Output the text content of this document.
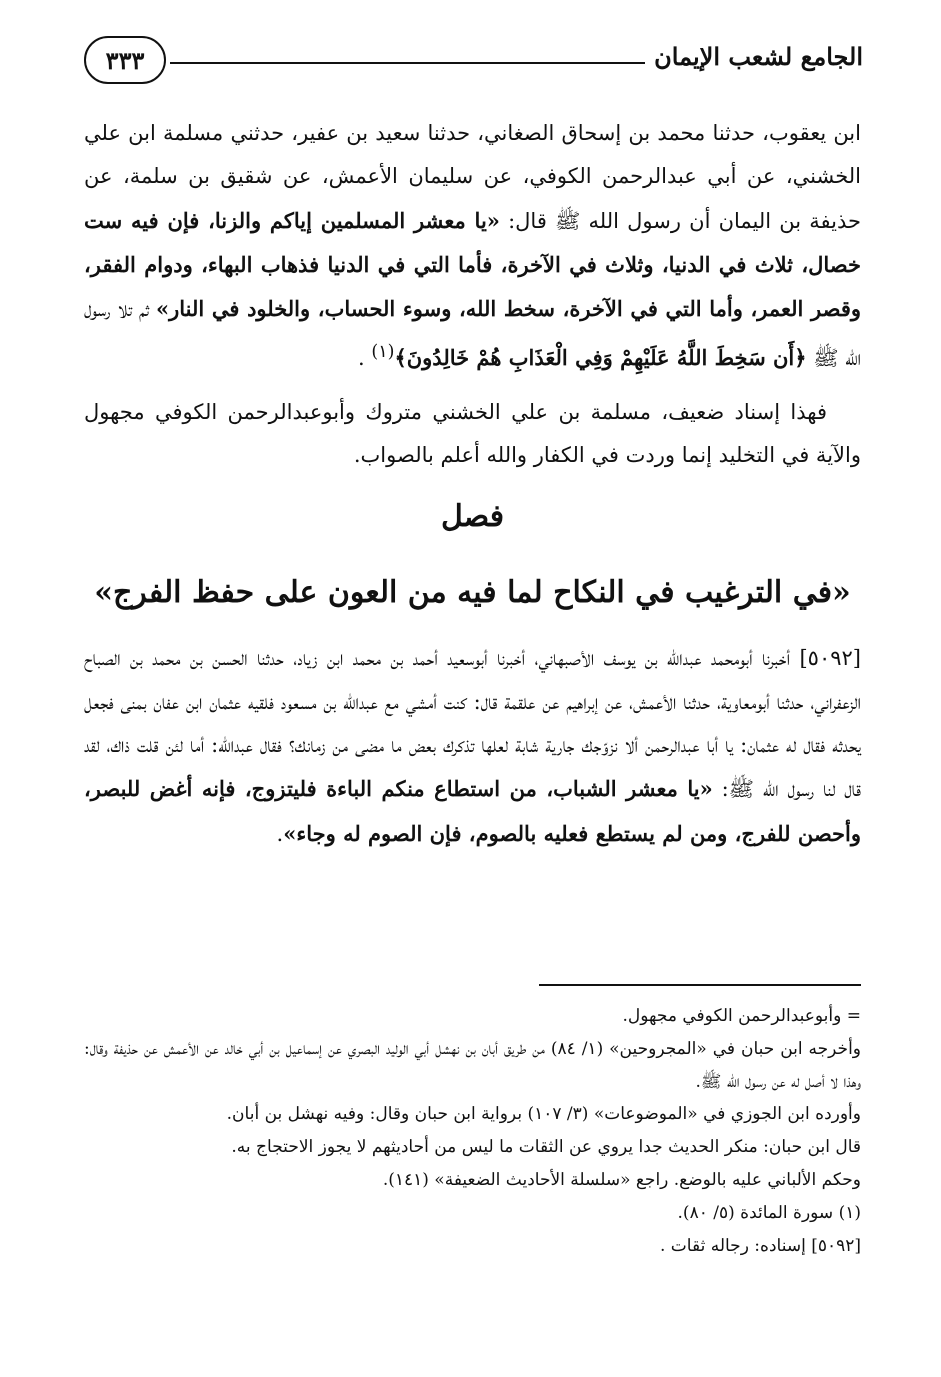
الجامع لشعب الإيمان
٣٣٣

ابن يعقوب، حدثنا محمد بن إسحاق الصغاني، حدثنا سعيد بن عفير، حدثني مسلمة ابن علي الخشني، عن أبي عبدالرحمن الكوفي، عن سليمان الأعمش، عن شقيق بن سلمة، عن حذيفة بن اليمان أن رسول الله ﷺ قال: «يا معشر المسلمين إياكم والزنا، فإن فيه ست خصال، ثلاث في الدنيا، وثلاث في الآخرة، فأما التي في الدنيا فذهاب البهاء، ودوام الفقر، وقصر العمر، وأما التي في الآخرة، سخط الله، وسوء الحساب، والخلود في النار» ثم تلا رسول الله ﷺ ﴿أَن سَخِطَ اللَّهُ عَلَيْهِمْ وَفِي الْعَذَابِ هُمْ خَالِدُونَ﴾$^{(١)}$ .

فهذا إسناد ضعيف، مسلمة بن علي الخشني متروك وأبوعبدالرحمن الكوفي مجهول والآية في التخليد إنما وردت في الكفار والله أعلم بالصواب.
فصل
«في الترغيب في النكاح لما فيه من العون على حفظ الفرج»

[٥٠٩٢] أخبرنا أبومحمد عبدالله بن يوسف الأصبهاني، أخبرنا أبوسعيد أحمد بن محمد ابن زياد، حدثنا الحسن بن محمد بن الصباح الزعفراني، حدثنا أبومعاوية، حدثنا الأعمش، عن إبراهيم عن علقمة قال: كنت أمشي مع عبدالله بن مسعود فلقيه عثمان ابن عفان بمنى فجعل يحدثه فقال له عثمان: يا أبا عبدالرحمن ألا نزوّجك جارية شابة لعلها تذكرك بعض ما مضى من زمانك؟ فقال عبدالله: أما لئن قلت ذاك، لقد قال لنا رسول الله ﷺ: «يا معشر الشباب، من استطاع منكم الباءة فليتزوج، فإنه أغض للبصر، وأحصن للفرج، ومن لم يستطع فعليه بالصوم، فإن الصوم له وجاء».

= وأبوعبدالرحمن الكوفي مجهول.

وأخرجه ابن حبان في «المجروحين» (١/ ٨٤) من طريق أبان بن نهشل أبي الوليد البصري عن إسماعيل بن أبي خالد عن الأعمش عن حذيفة وقال: وهذا لا أصل له عن رسول الله ﷺ.

وأورده ابن الجوزي في «الموضوعات» (٣/ ١٠٧) برواية ابن حبان وقال: وفيه نهشل بن أبان.

قال ابن حبان: منكر الحديث جدا يروي عن الثقات ما ليس من أحاديثهم لا يجوز الاحتجاج به.

وحكم الألباني عليه بالوضع. راجع «سلسلة الأحاديث الضعيفة» (١٤١).

(١) سورة المائدة (٥/ ٨٠).

[٥٠٩٢] إسناده: رجاله ثقات .
